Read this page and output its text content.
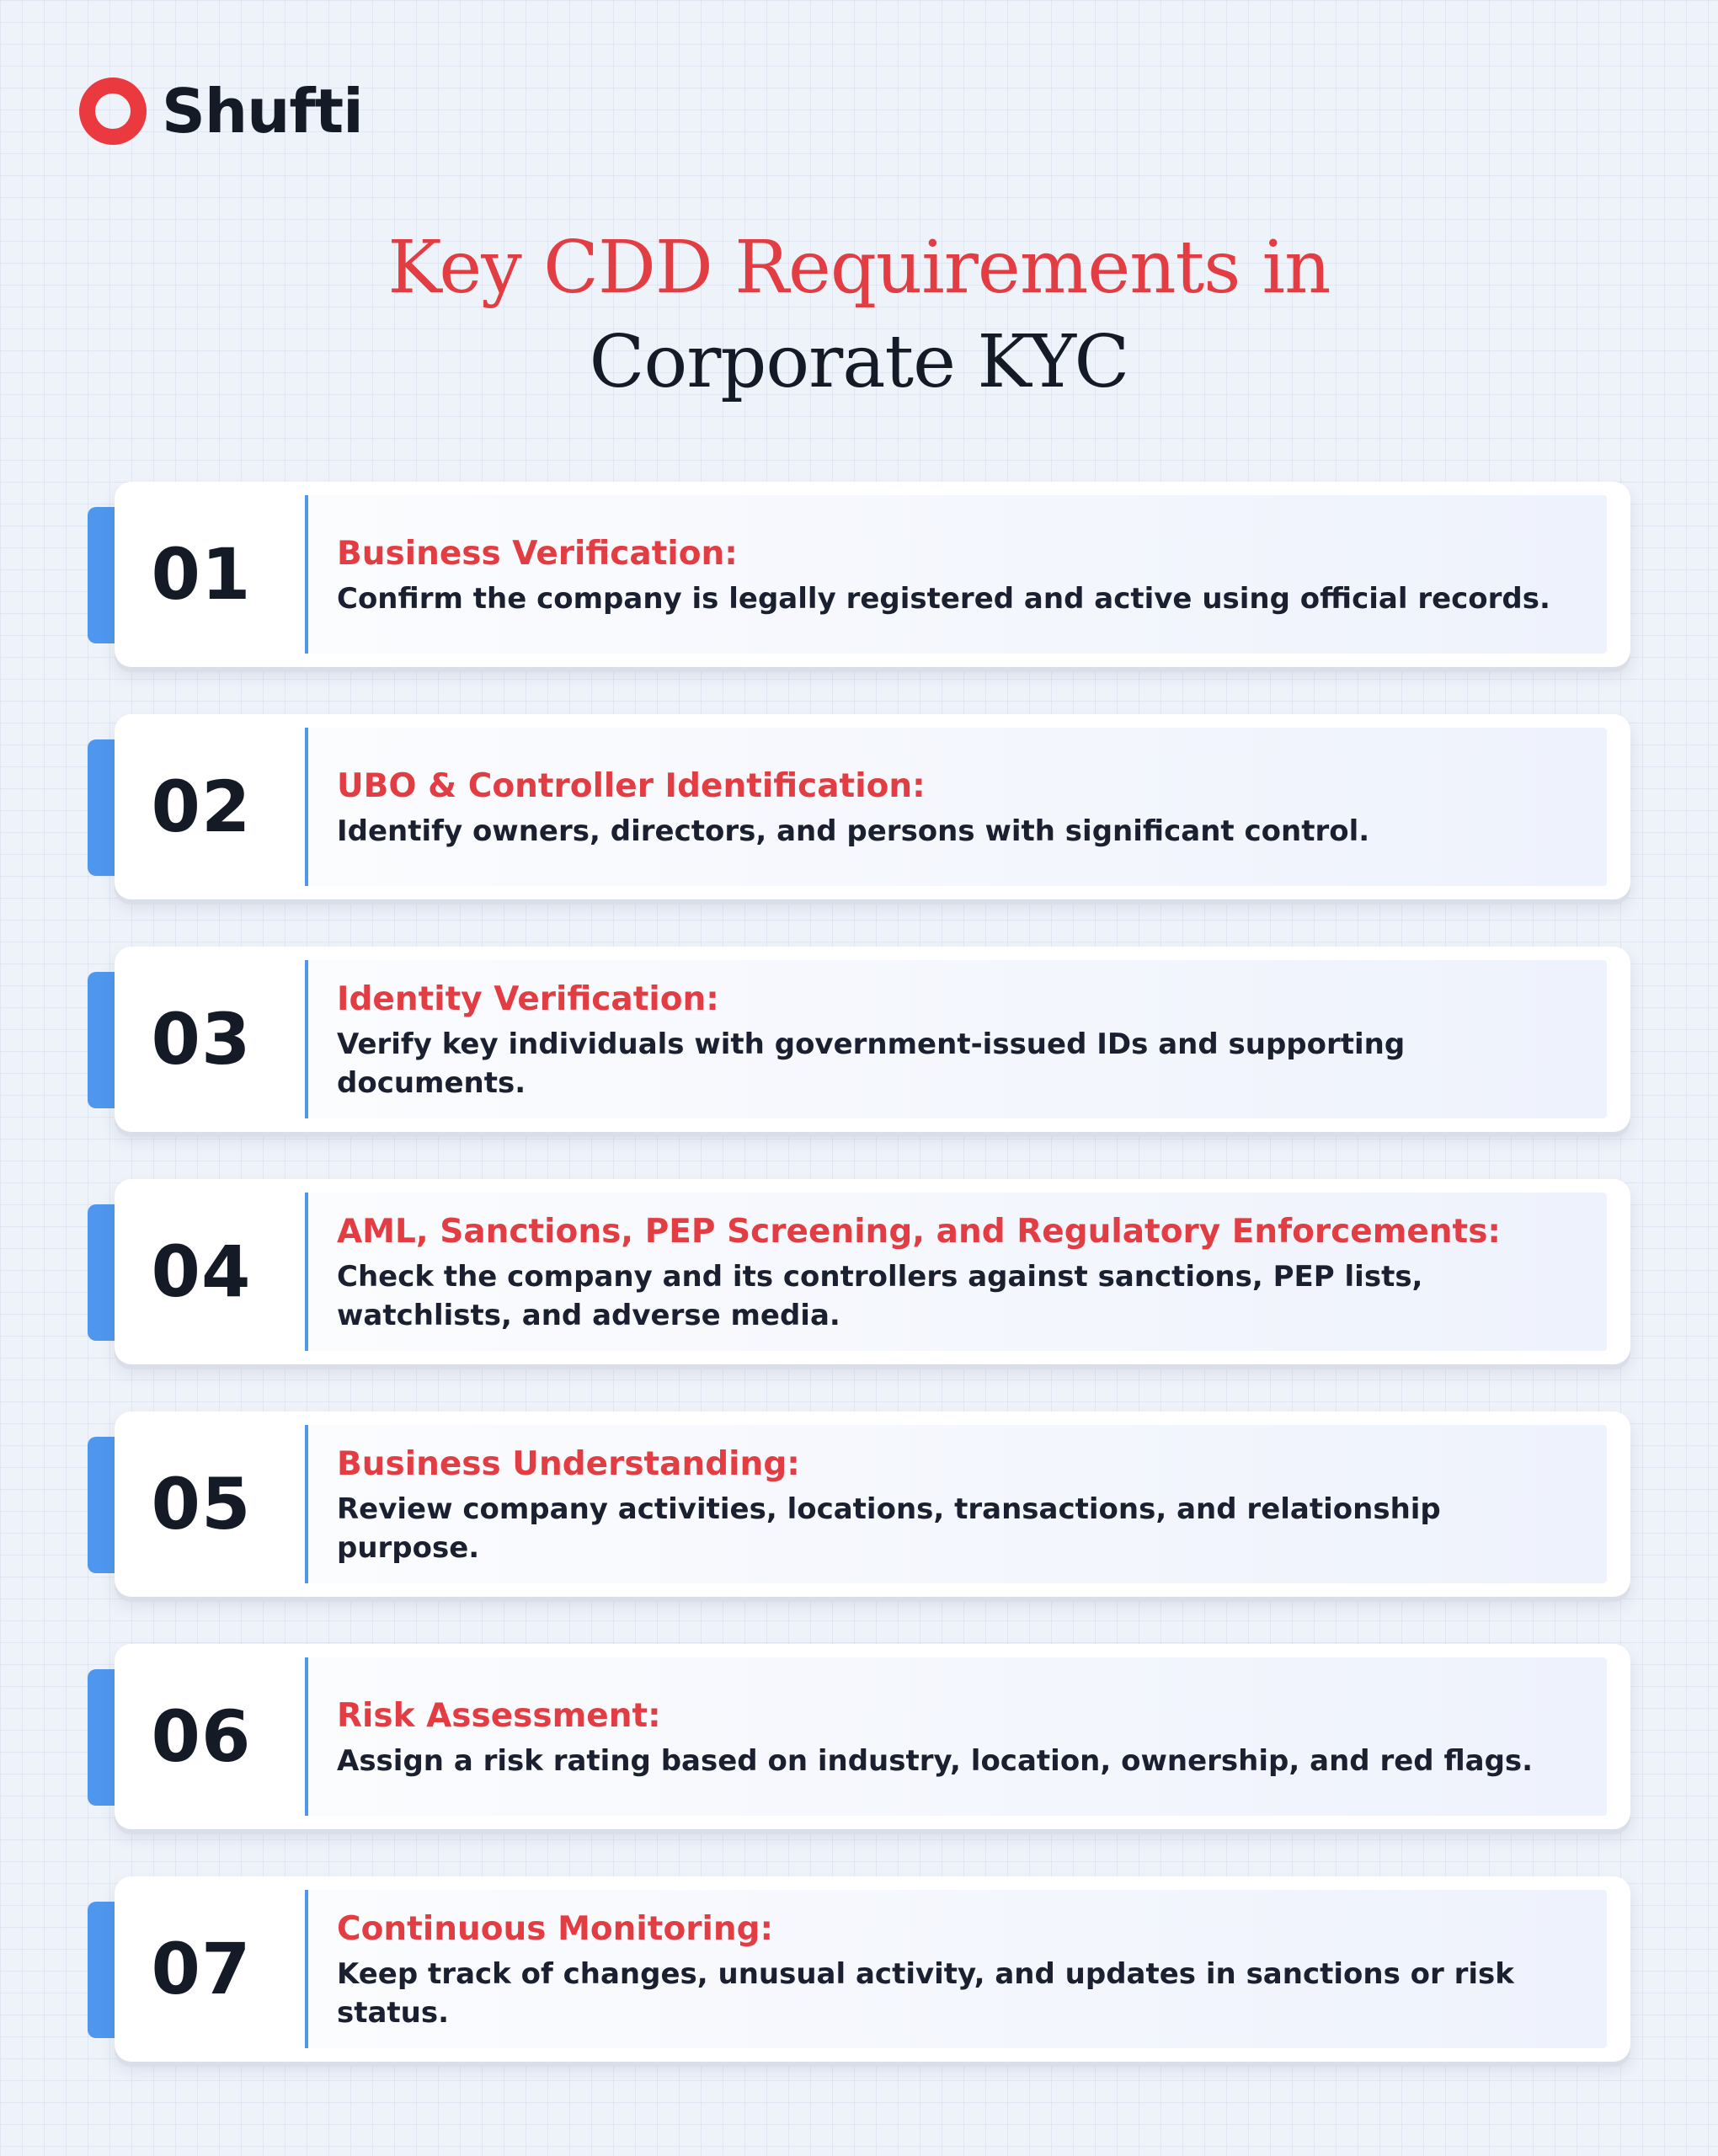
Shufti
Key CDD Requirements in
Corporate KYC
01	Business Verification:
Confirm the company is legally registered and active using official records.
02	UBO & Controller Identification:
Identify owners, directors, and persons with significant control.
03	Identity Verification:
Verify key individuals with government-issued IDs and supporting documents.
04	AML, Sanctions, PEP Screening, and Regulatory Enforcements:
Check the company and its controllers against sanctions, PEP lists, watchlists, and adverse media.
05	Business Understanding:
Review company activities, locations, transactions, and relationship purpose.
06	Risk Assessment:
Assign a risk rating based on industry, location, ownership, and red flags.
07	Continuous Monitoring:
Keep track of changes, unusual activity, and updates in sanctions or risk status.
